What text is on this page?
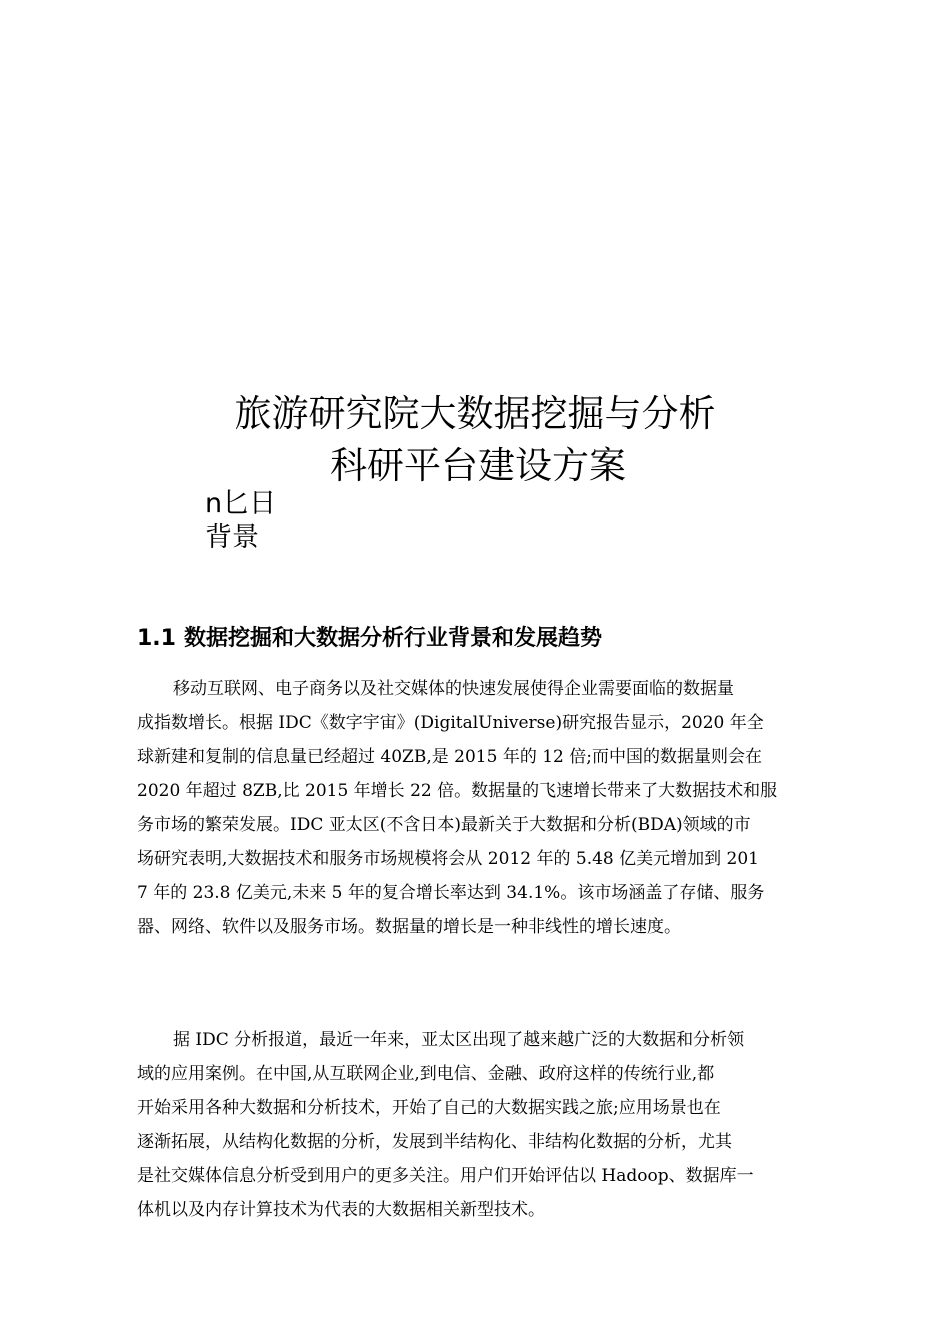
旅游研究院大数据挖掘与分析
科研平台建设方案
n匕日
背景
1.1 数据挖掘和大数据分析行业背景和发展趋势
移动互联网、电子商务以及社交媒体的快速发展使得企业需要面临的数据量
成指数增长。根据 IDC《数字宇宙》(DigitalUniverse)研究报告显示，2020 年全
球新建和复制的信息量已经超过 40ZB,是 2015 年的 12 倍;而中国的数据量则会在
2020 年超过 8ZB,比 2015 年增长 22 倍。数据量的飞速增长带来了大数据技术和服
务市场的繁荣发展。IDC 亚太区(不含日本)最新关于大数据和分析(BDA)领域的市
场研究表明,大数据技术和服务市场规模将会从 2012 年的 5.48 亿美元增加到 201
7 年的 23.8 亿美元,未来 5 年的复合增长率达到 34.1%。该市场涵盖了存储、服务
器、网络、软件以及服务市场。数据量的增长是一种非线性的增长速度。
据 IDC 分析报道，最近一年来，亚太区出现了越来越广泛的大数据和分析领
域的应用案例。在中国,从互联网企业,到电信、金融、政府这样的传统行业,都
开始采用各种大数据和分析技术，开始了自己的大数据实践之旅;应用场景也在
逐渐拓展，从结构化数据的分析，发展到半结构化、非结构化数据的分析，尤其
是社交媒体信息分析受到用户的更多关注。用户们开始评估以 Hadoop、数据库一
体机以及内存计算技术为代表的大数据相关新型技术。
